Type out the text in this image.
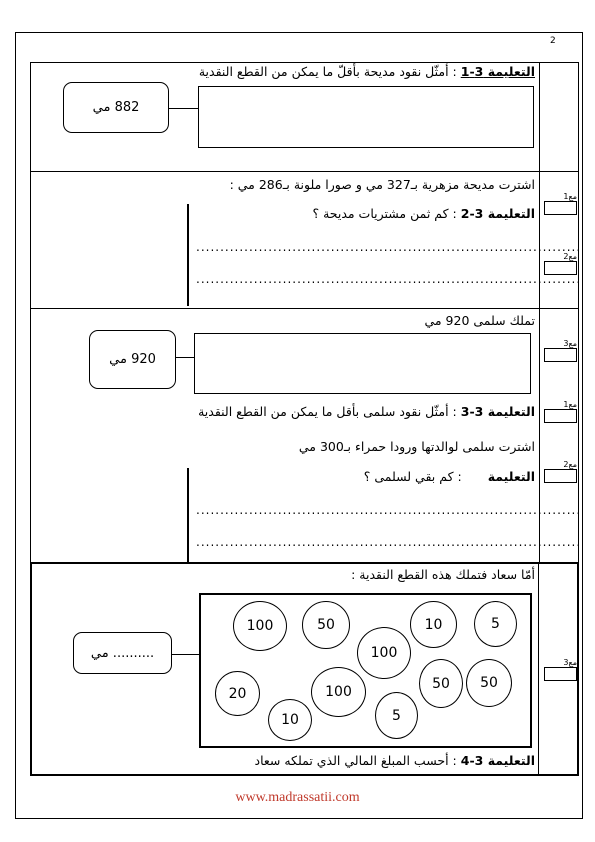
2
التعليمة 3-1 : أمثّل نقود مديحة بأقلّ ما يمكن من القطع النقدية
882 مي
اشترت مديحة مزهرية بـ327 مي و صورا ملونة بـ286 مي :
التعليمة 3-2 : كم ثمن مشتريات مديحة ؟
................................................................................
................................................................................
مع1
مع2
تملك سلمى 920 مي
920 مي
التعليمة 3-3 : أمثّل نقود سلمى بأقل ما يمكن من القطع النقدية
اشترت سلمى لوالدتها ورودا حمراء بـ300 مي
التعليمة  : كم بقي لسلمى ؟
................................................................................
................................................................................
مع3
مع1
مع2
أمّا سعاد فتملك هذه القطع النقدية :
100	50	10	5
100
20	100
50	50
10	5
.......... مي
التعليمة 3-4 : أحسب المبلغ المالي الذي تملكه سعاد
مع3
www.madrassatii.com
